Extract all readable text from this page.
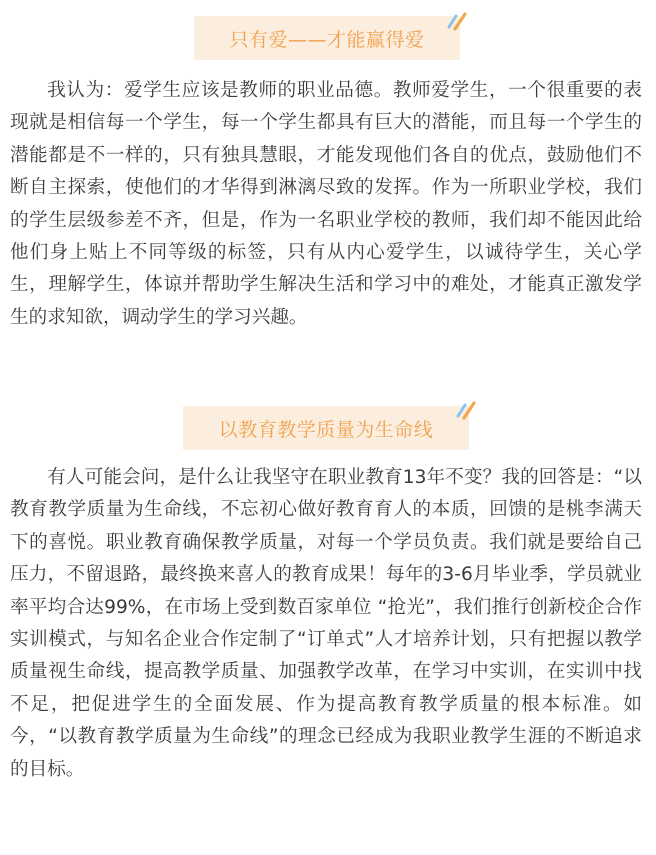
只有爱——才能赢得爱

我认为：爱学生应该是教师的职业品德。教师爱学生，一个很重要的表现就是相信每一个学生，每一个学生都具有巨大的潜能，而且每一个学生的潜能都是不一样的，只有独具慧眼，才能发现他们各自的优点，鼓励他们不断自主探索，使他们的才华得到淋漓尽致的发挥。作为一所职业学校，我们的学生层级参差不齐，但是，作为一名职业学校的教师，我们却不能因此给他们身上贴上不同等级的标签，只有从内心爱学生，以诚待学生，关心学生，理解学生，体谅并帮助学生解决生活和学习中的难处，才能真正激发学生的求知欲，调动学生的学习兴趣。

以教育教学质量为生命线

有人可能会问，是什么让我坚守在职业教育13年不变？我的回答是：“以教育教学质量为生命线，不忘初心做好教育育人的本质，回馈的是桃李满天下的喜悦。职业教育确保教学质量，对每一个学员负责。我们就是要给自己压力，不留退路，最终换来喜人的教育成果！每年的3-6月毕业季，学员就业率平均合达99%，在市场上受到数百家单位 “抢光”，我们推行创新校企合作实训模式，与知名企业合作定制了“订单式”人才培养计划，只有把握以教学质量视生命线，提高教学质量、加强教学改革，在学习中实训，在实训中找不足，把促进学生的全面发展、作为提高教育教学质量的根本标准。如今，“以教育教学质量为生命线”的理念已经成为我职业教学生涯的不断追求的目标。
